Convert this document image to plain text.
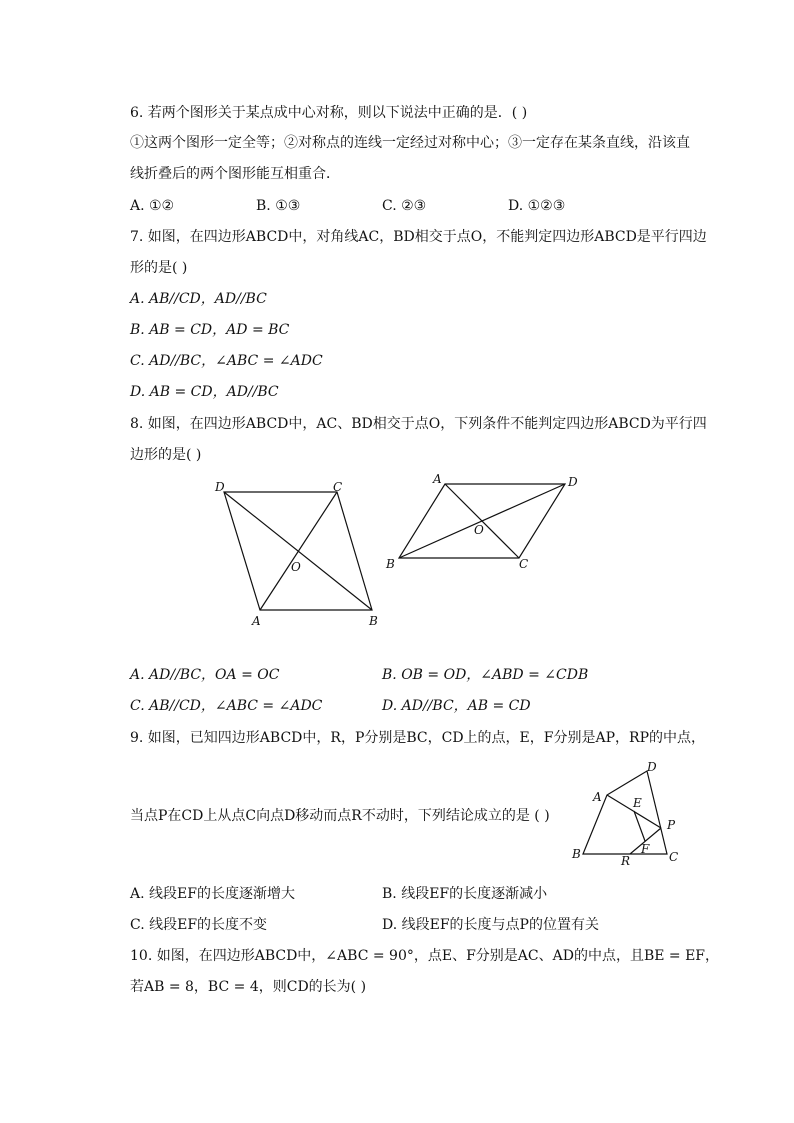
6. 若两个图形关于某点成中心对称，则以下说法中正确的是．( )
①这两个图形一定全等；②对称点的连线一定经过对称中心；③一定存在某条直线，沿该直
线折叠后的两个图形能互相重合．
A. ①②	B. ①③	C. ②③	D. ①②③
7. 如图，在四边形ABCD中，对角线AC，BD相交于点O，不能判定四边形ABCD是平行四边
形的是( )
A. AB//CD，AD//BC
B. AB = CD，AD = BC
C. AD//BC，∠ABC = ∠ADC
D. AB = CD，AD//BC
8. 如图，在四边形ABCD中，AC、BD相交于点O，下列条件不能判定四边形ABCD为平行四
边形的是( )
D	C
O
A	B
A	D
O
B	C
A. AD//BC，OA = OC	B. OB = OD，∠ABD = ∠CDB
C. AB//CD，∠ABC = ∠ADC	D. AD//BC，AB = CD
9. 如图，已知四边形ABCD中，R，P分别是BC，CD上的点，E，F分别是AP，RP的中点，
当点P在CD上从点C向点D移动而点R不动时，下列结论成立的是 ( )
D
A	E
P
F
B	R	C
A. 线段EF的长度逐渐增大	B. 线段EF的长度逐渐减小
C. 线段EF的长度不变	D. 线段EF的长度与点P的位置有关
10. 如图，在四边形ABCD中，∠ABC = 90°，点E、F分别是AC、AD的中点，且BE = EF，
若AB = 8，BC = 4，则CD的长为( )
